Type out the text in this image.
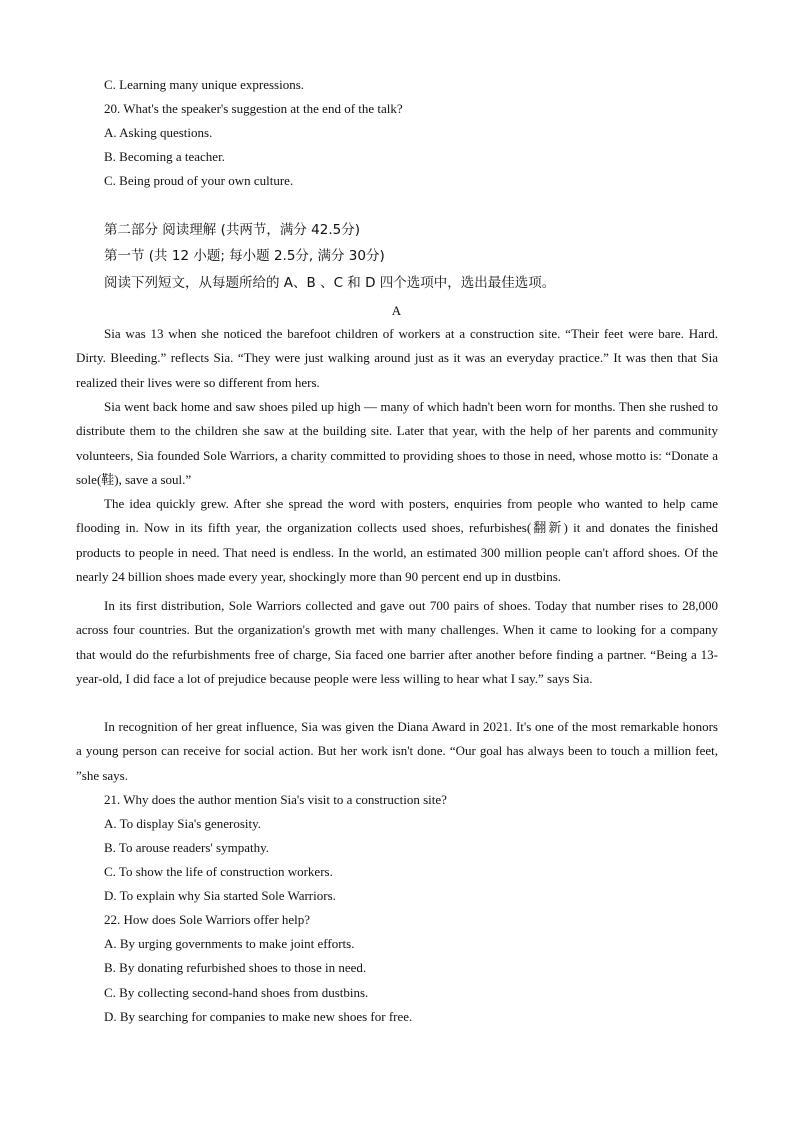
C. Learning many unique expressions.
20. What's the speaker's suggestion at the end of the talk?
A. Asking questions.
B. Becoming a teacher.
C. Being proud of your own culture.
第二部分 阅读理解 (共两节，满分 42.5分)
第一节 (共 12 小题; 每小题 2.5分, 满分 30分)
阅读下列短文，从每题所给的 A、B 、C 和 D 四个选项中，选出最佳选项。
A
Sia was 13 when she noticed the barefoot children of workers at a construction site. “Their feet were bare. Hard. Dirty. Bleeding.” reflects Sia. “They were just walking around just as it was an everyday practice.” It was then that Sia realized their lives were so different from hers.
Sia went back home and saw shoes piled up high — many of which hadn't been worn for months. Then she rushed to distribute them to the children she saw at the building site. Later that year, with the help of her parents and community volunteers, Sia founded Sole Warriors, a charity committed to providing shoes to those in need, whose motto is: “Donate a sole(鞋), save a soul.”
The idea quickly grew. After she spread the word with posters, enquiries from people who wanted to help came flooding in. Now in its fifth year, the organization collects used shoes, refurbishes(翻新) it and donates the finished products to people in need. That need is endless. In the world, an estimated 300 million people can't afford shoes. Of the nearly 24 billion shoes made every year, shockingly more than 90 percent end up in dustbins.
In its first distribution, Sole Warriors collected and gave out 700 pairs of shoes. Today that number rises to 28,000 across four countries. But the organization's growth met with many challenges. When it came to looking for a company that would do the refurbishments free of charge, Sia faced one barrier after another before finding a partner. “Being a 13-year-old, I did face a lot of prejudice because people were less willing to hear what I say.” says Sia.
In recognition of her great influence, Sia was given the Diana Award in 2021. It's one of the most remarkable honors a young person can receive for social action. But her work isn't done. “Our goal has always been to touch a million feet, ”she says.
21. Why does the author mention Sia's visit to a construction site?
A. To display Sia's generosity.
B. To arouse readers' sympathy.
C. To show the life of construction workers.
D. To explain why Sia started Sole Warriors.
22. How does Sole Warriors offer help?
A. By urging governments to make joint efforts.
B. By donating refurbished shoes to those in need.
C. By collecting second-hand shoes from dustbins.
D. By searching for companies to make new shoes for free.
